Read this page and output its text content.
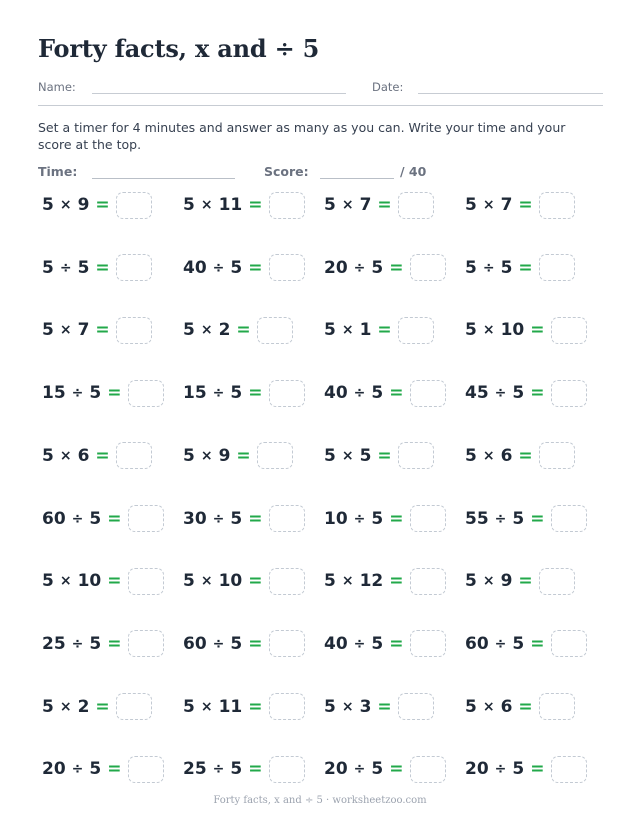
Forty facts, x and ÷ 5
Name:	Date:
Set a timer for 4 minutes and answer as many as you can. Write your time and your score at the top.
Time:	Score:	/ 40
5 × 9 =	5 × 11 =	5 × 7 =	5 × 7 =
5 ÷ 5 =	40 ÷ 5 =	20 ÷ 5 =	5 ÷ 5 =
5 × 7 =	5 × 2 =	5 × 1 =	5 × 10 =
15 ÷ 5 =	15 ÷ 5 =	40 ÷ 5 =	45 ÷ 5 =
5 × 6 =	5 × 9 =	5 × 5 =	5 × 6 =
60 ÷ 5 =	30 ÷ 5 =	10 ÷ 5 =	55 ÷ 5 =
5 × 10 =	5 × 10 =	5 × 12 =	5 × 9 =
25 ÷ 5 =	60 ÷ 5 =	40 ÷ 5 =	60 ÷ 5 =
5 × 2 =	5 × 11 =	5 × 3 =	5 × 6 =
20 ÷ 5 =	25 ÷ 5 =	20 ÷ 5 =	20 ÷ 5 =
Forty facts, x and ÷ 5 · worksheetzoo.com
